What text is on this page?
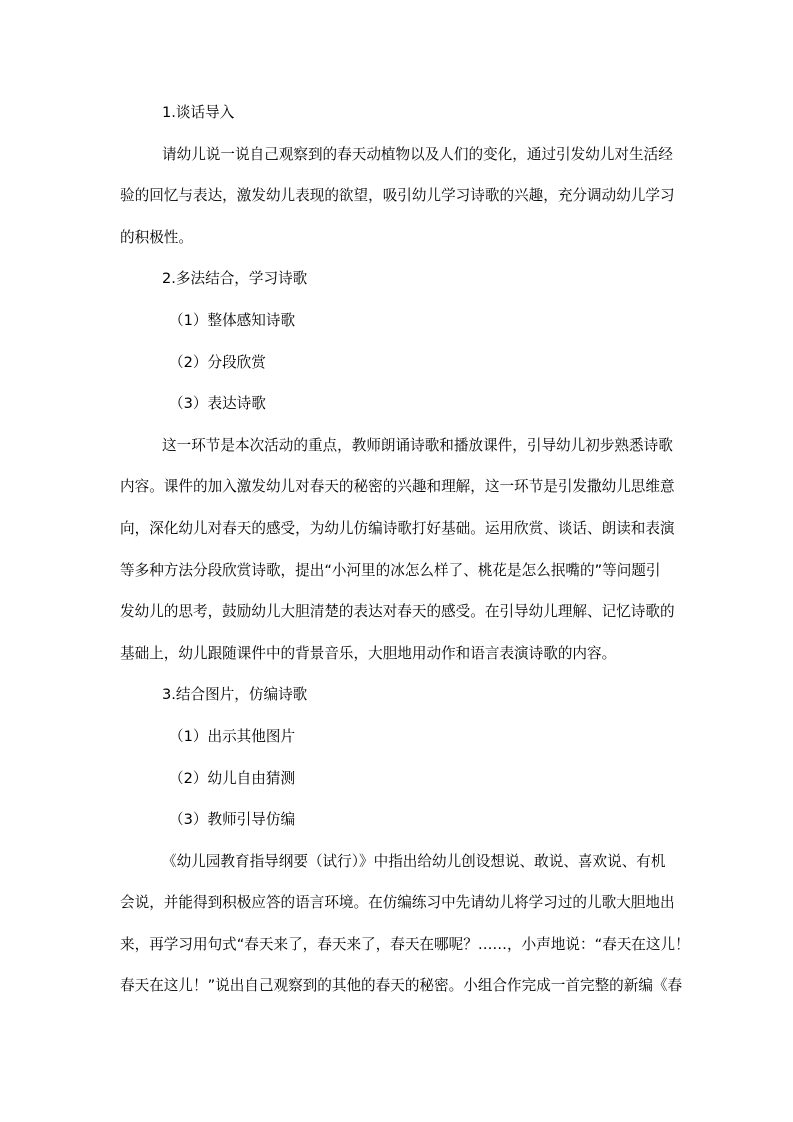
1.谈话导入
请幼儿说一说自己观察到的春天动植物以及人们的变化，通过引发幼儿对生活经
验的回忆与表达，激发幼儿表现的欲望，吸引幼儿学习诗歌的兴趣，充分调动幼儿学习
的积极性。
2.多法结合，学习诗歌
（1）整体感知诗歌
（2）分段欣赏
（3）表达诗歌
这一环节是本次活动的重点，教师朗诵诗歌和播放课件，引导幼儿初步熟悉诗歌
内容。课件的加入激发幼儿对春天的秘密的兴趣和理解，这一环节是引发撒幼儿思维意
向，深化幼儿对春天的感受，为幼儿仿编诗歌打好基础。运用欣赏、谈话、朗读和表演
等多种方法分段欣赏诗歌，提出“小河里的冰怎么样了、桃花是怎么抿嘴的”等问题引
发幼儿的思考，鼓励幼儿大胆清楚的表达对春天的感受。在引导幼儿理解、记忆诗歌的
基础上，幼儿跟随课件中的背景音乐，大胆地用动作和语言表演诗歌的内容。
3.结合图片，仿编诗歌
（1）出示其他图片
（2）幼儿自由猜测
（3）教师引导仿编
《幼儿园教育指导纲要（试行）》中指出给幼儿创设想说、敢说、喜欢说、有机
会说，并能得到积极应答的语言环境。在仿编练习中先请幼儿将学习过的儿歌大胆地出
来，再学习用句式“春天来了，春天来了，春天在哪呢？……，小声地说：“春天在这儿！
春天在这儿！”说出自己观察到的其他的春天的秘密。小组合作完成一首完整的新编《春
